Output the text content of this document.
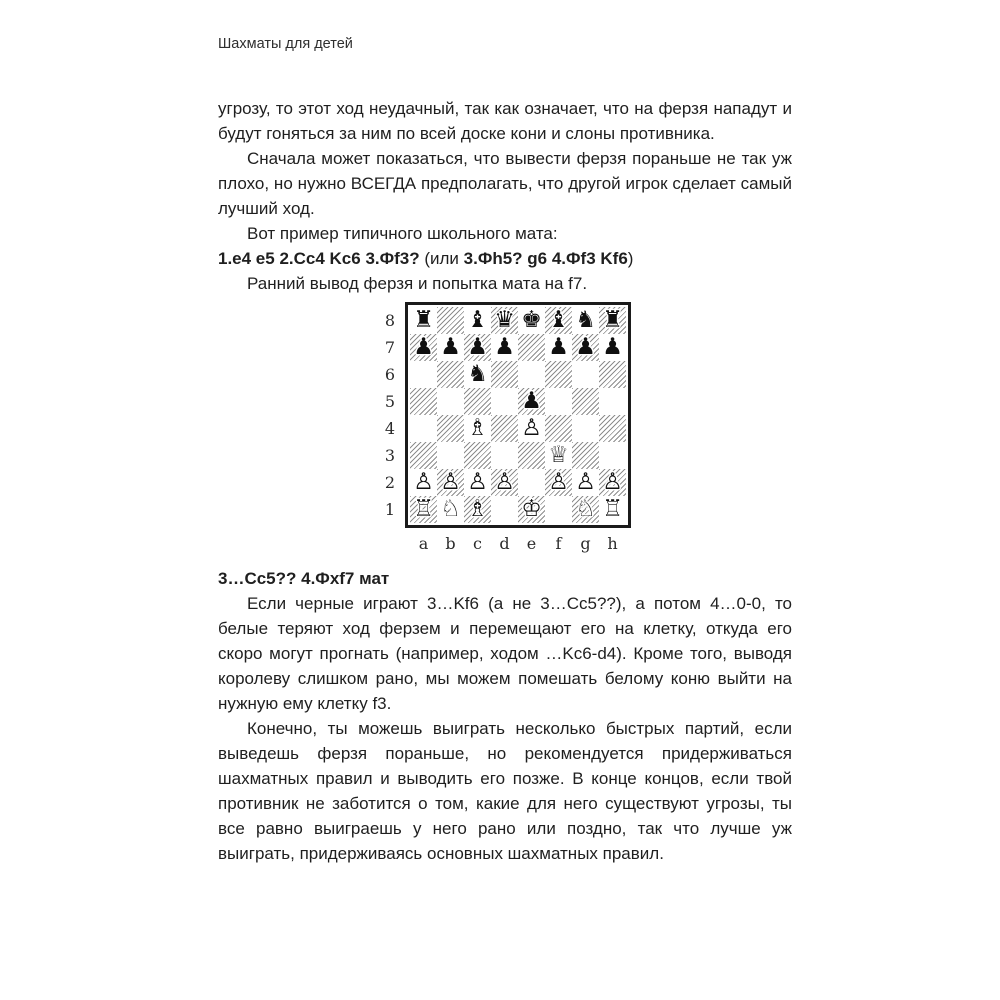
Шахматы для детей

угрозу, то этот ход неудачный, так как означает, что на ферзя нападут и будут гоняться за ним по всей доске кони и слоны противника.

Сначала может показаться, что вывести ферзя пораньше не так уж плохо, но нужно ВСЕГДА предполагать, что другой игрок сделает самый лучший ход.

Вот пример типичного школьного мата:

1.e4 e5 2.Cc4 Kc6 3.Фf3? (или 3.Фh5? g6 4.Фf3 Kf6)

Ранний вывод ферзя и попытка мата на f7.

8
7
6
5
4
3
2
1
♜ ♝ ♛ ♚ ♝ ♞ ♜
♟ ♟ ♟ ♟ ♟ ♟ ♟
♞
♟
♗ ♙
♕
♙ ♙ ♙ ♙ ♙ ♙ ♙
♖ ♘ ♗ ♔ ♘ ♖
a	b	c	d	e	f	g	h

3…Cc5?? 4.Фxf7 мат

Если черные играют 3…Kf6 (а не 3…Cc5??), а потом 4…0-0, то белые теряют ход ферзем и перемещают его на клетку, откуда его скоро могут прогнать (например, ходом …Kc6-d4). Кроме того, выводя королеву слишком рано, мы можем помешать белому коню выйти на нужную ему клетку f3.

Конечно, ты можешь выиграть несколько быстрых партий, если выведешь ферзя пораньше, но рекомендуется придерживаться шахматных правил и выводить его позже. В конце концов, если твой противник не заботится о том, какие для него существуют угрозы, ты все равно выиграешь у него рано или поздно, так что лучше уж выиграть, придерживаясь основных шахматных правил.
